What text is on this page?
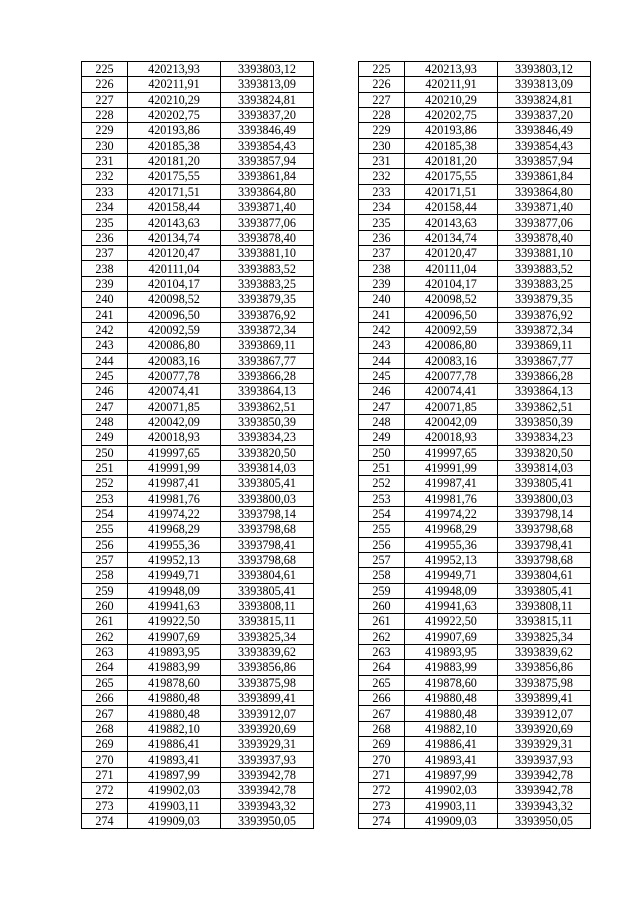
225	420213,93	3393803,12		225	420213,93	3393803,12
226	420211,91	3393813,09		226	420211,91	3393813,09
227	420210,29	3393824,81		227	420210,29	3393824,81
228	420202,75	3393837,20		228	420202,75	3393837,20
229	420193,86	3393846,49		229	420193,86	3393846,49
230	420185,38	3393854,43		230	420185,38	3393854,43
231	420181,20	3393857,94		231	420181,20	3393857,94
232	420175,55	3393861,84		232	420175,55	3393861,84
233	420171,51	3393864,80		233	420171,51	3393864,80
234	420158,44	3393871,40		234	420158,44	3393871,40
235	420143,63	3393877,06		235	420143,63	3393877,06
236	420134,74	3393878,40		236	420134,74	3393878,40
237	420120,47	3393881,10		237	420120,47	3393881,10
238	420111,04	3393883,52		238	420111,04	3393883,52
239	420104,17	3393883,25		239	420104,17	3393883,25
240	420098,52	3393879,35		240	420098,52	3393879,35
241	420096,50	3393876,92		241	420096,50	3393876,92
242	420092,59	3393872,34		242	420092,59	3393872,34
243	420086,80	3393869,11		243	420086,80	3393869,11
244	420083,16	3393867,77		244	420083,16	3393867,77
245	420077,78	3393866,28		245	420077,78	3393866,28
246	420074,41	3393864,13		246	420074,41	3393864,13
247	420071,85	3393862,51		247	420071,85	3393862,51
248	420042,09	3393850,39		248	420042,09	3393850,39
249	420018,93	3393834,23		249	420018,93	3393834,23
250	419997,65	3393820,50		250	419997,65	3393820,50
251	419991,99	3393814,03		251	419991,99	3393814,03
252	419987,41	3393805,41		252	419987,41	3393805,41
253	419981,76	3393800,03		253	419981,76	3393800,03
254	419974,22	3393798,14		254	419974,22	3393798,14
255	419968,29	3393798,68		255	419968,29	3393798,68
256	419955,36	3393798,41		256	419955,36	3393798,41
257	419952,13	3393798,68		257	419952,13	3393798,68
258	419949,71	3393804,61		258	419949,71	3393804,61
259	419948,09	3393805,41		259	419948,09	3393805,41
260	419941,63	3393808,11		260	419941,63	3393808,11
261	419922,50	3393815,11		261	419922,50	3393815,11
262	419907,69	3393825,34		262	419907,69	3393825,34
263	419893,95	3393839,62		263	419893,95	3393839,62
264	419883,99	3393856,86		264	419883,99	3393856,86
265	419878,60	3393875,98		265	419878,60	3393875,98
266	419880,48	3393899,41		266	419880,48	3393899,41
267	419880,48	3393912,07		267	419880,48	3393912,07
268	419882,10	3393920,69		268	419882,10	3393920,69
269	419886,41	3393929,31		269	419886,41	3393929,31
270	419893,41	3393937,93		270	419893,41	3393937,93
271	419897,99	3393942,78		271	419897,99	3393942,78
272	419902,03	3393942,78		272	419902,03	3393942,78
273	419903,11	3393943,32		273	419903,11	3393943,32
274	419909,03	3393950,05		274	419909,03	3393950,05
